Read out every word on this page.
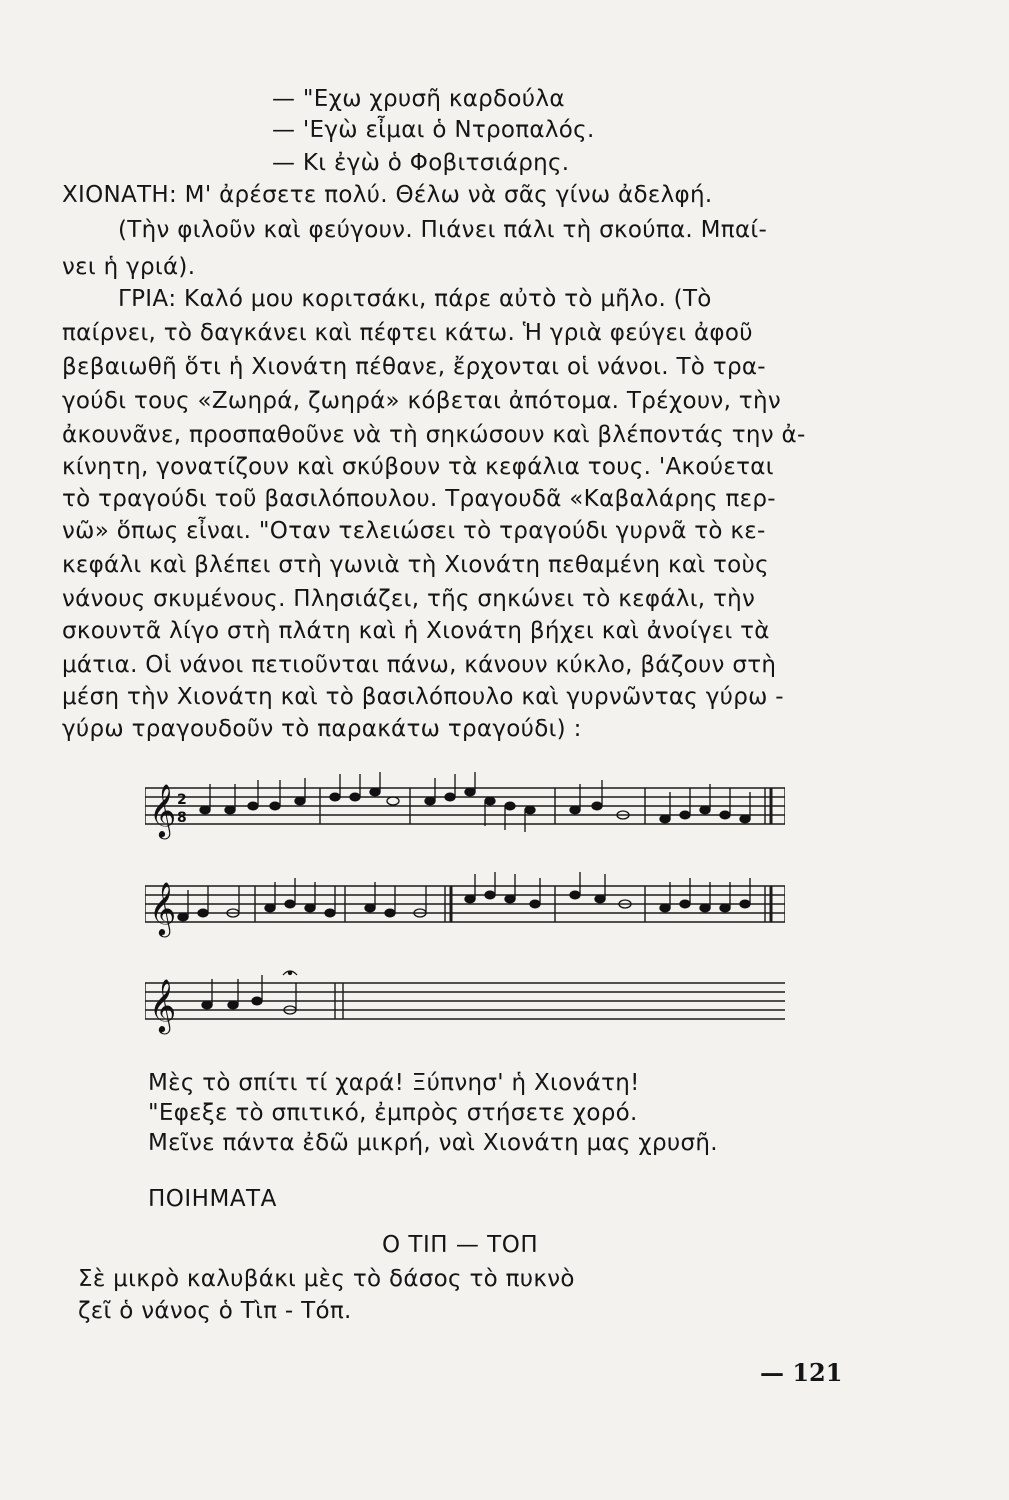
— "Εχω χρυσῆ καρδούλα
— 'Εγὼ εἶμαι ὁ Ντροπαλός.
— Κι ἐγὼ ὁ Φοβιτσιάρης.
ΧΙΟΝΑΤΗ: Μ' ἀρέσετε πολύ. Θέλω νὰ σᾶς γίνω ἀδελφή.
(Τὴν φιλοῦν καὶ φεύγουν. Πιάνει πάλι τὴ σκούπα. Μπαί-
νει ἡ γριά).
ΓΡΙΑ: Καλό μου κοριτσάκι, πάρε αὐτὸ τὸ μῆλο. (Τὸ
παίρνει, τὸ δαγκάνει καὶ πέφτει κάτω. Ἡ γριὰ φεύγει ἀφοῦ
βεβαιωθῆ ὅτι ἡ Χιονάτη πέθανε, ἔρχονται οἱ νάνοι. Τὸ τρα-
γούδι τους «Ζωηρά, ζωηρά» κόβεται ἀπότομα. Τρέχουν, τὴν
ἀκουνᾶνε, προσπαθοῦνε νὰ τὴ σηκώσουν καὶ βλέποντάς την ἀ-
κίνητη, γονατίζουν καὶ σκύβουν τὰ κεφάλια τους. 'Ακούεται
τὸ τραγούδι τοῦ βασιλόπουλου. Τραγουδᾶ «Καβαλάρης περ-
νῶ» ὅπως εἶναι. "Οταν τελειώσει τὸ τραγούδι γυρνᾶ τὸ κε-
κεφάλι καὶ βλέπει στὴ γωνιὰ τὴ Χιονάτη πεθαμένη καὶ τοὺς
νάνους σκυμένους. Πλησιάζει, τῆς σηκώνει τὸ κεφάλι, τὴν
σκουντᾶ λίγο στὴ πλάτη καὶ ἡ Χιονάτη βήχει καὶ ἀνοίγει τὰ
μάτια. Οἱ νάνοι πετιοῦνται πάνω, κάνουν κύκλο, βάζουν στὴ
μέση τὴν Χιονάτη καὶ τὸ βασιλόπουλο καὶ γυρνῶντας γύρω -
γύρω τραγουδοῦν τὸ παρακάτω τραγούδι) :
𝄞 2
8
𝄞
𝄞
Μὲς τὸ σπίτι τί χαρά! Ξύπνησ' ἡ Χιονάτη!
"Εφεξε τὸ σπιτικό, ἐμπρὸς στήσετε χορό.
Μεῖνε πάντα ἐδῶ μικρή, ναὶ Χιονάτη μας χρυσῆ.
ΠΟΙΗΜΑΤΑ
Ο ΤΙΠ — ΤΟΠ
Σὲ μικρὸ καλυβάκι μὲς τὸ δάσος τὸ πυκνὸ
ζεῖ ὁ νάνος ὁ Τὶπ - Τόπ.
— 121
